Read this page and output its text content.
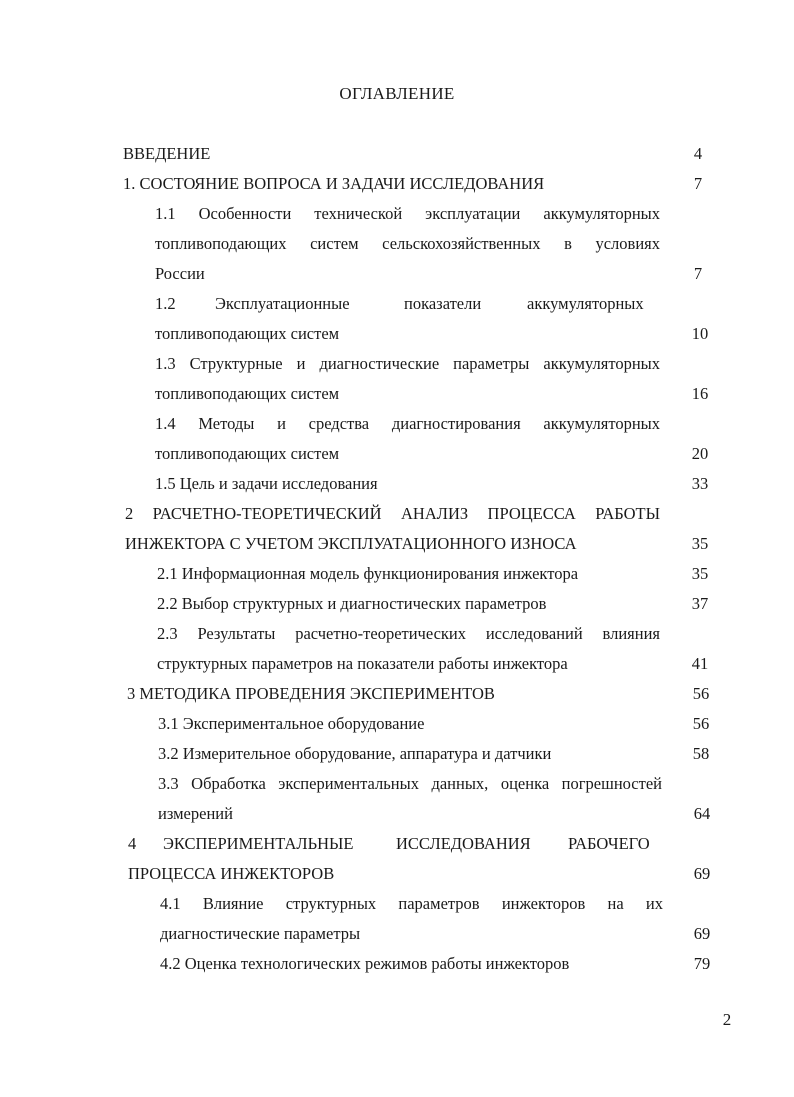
ОГЛАВЛЕНИЕ
ВВЕДЕНИЕ	4
1. СОСТОЯНИЕ ВОПРОСА И ЗАДАЧИ ИССЛЕДОВАНИЯ	7
1.1 Особенности технической эксплуатации аккумуляторных
топливоподающих систем сельскохозяйственных в условиях
России	7
1.2 Эксплуатационные	показатели	аккумуляторных
топливоподающих систем	10
1.3 Структурные и диагностические параметры аккумуляторных
топливоподающих систем	16
1.4 Методы и средства диагностирования аккумуляторных
топливоподающих систем	20
1.5 Цель и задачи исследования	33
2 РАСЧЕТНО-ТЕОРЕТИЧЕСКИЙ АНАЛИЗ ПРОЦЕССА РАБОТЫ
ИНЖЕКТОРА С УЧЕТОМ ЭКСПЛУАТАЦИОННОГО ИЗНОСА	35
2.1 Информационная модель функционирования инжектора	35
2.2 Выбор структурных и диагностических параметров	37
2.3 Результаты расчетно-теоретических исследований влияния
структурных параметров на показатели работы инжектора	41
3 МЕТОДИКА ПРОВЕДЕНИЯ ЭКСПЕРИМЕНТОВ	56
3.1 Экспериментальное оборудование	56
3.2 Измерительное оборудование, аппаратура и датчики	58
3.3 Обработка экспериментальных данных, оценка погрешностей
измерений	64
4 ЭКСПЕРИМЕНТАЛЬНЫЕ	ИССЛЕДОВАНИЯ РАБОЧЕГО
ПРОЦЕССА ИНЖЕКТОРОВ	69
4.1 Влияние структурных параметров инжекторов на их
диагностические параметры	69
4.2 Оценка технологических режимов работы инжекторов	79
2
